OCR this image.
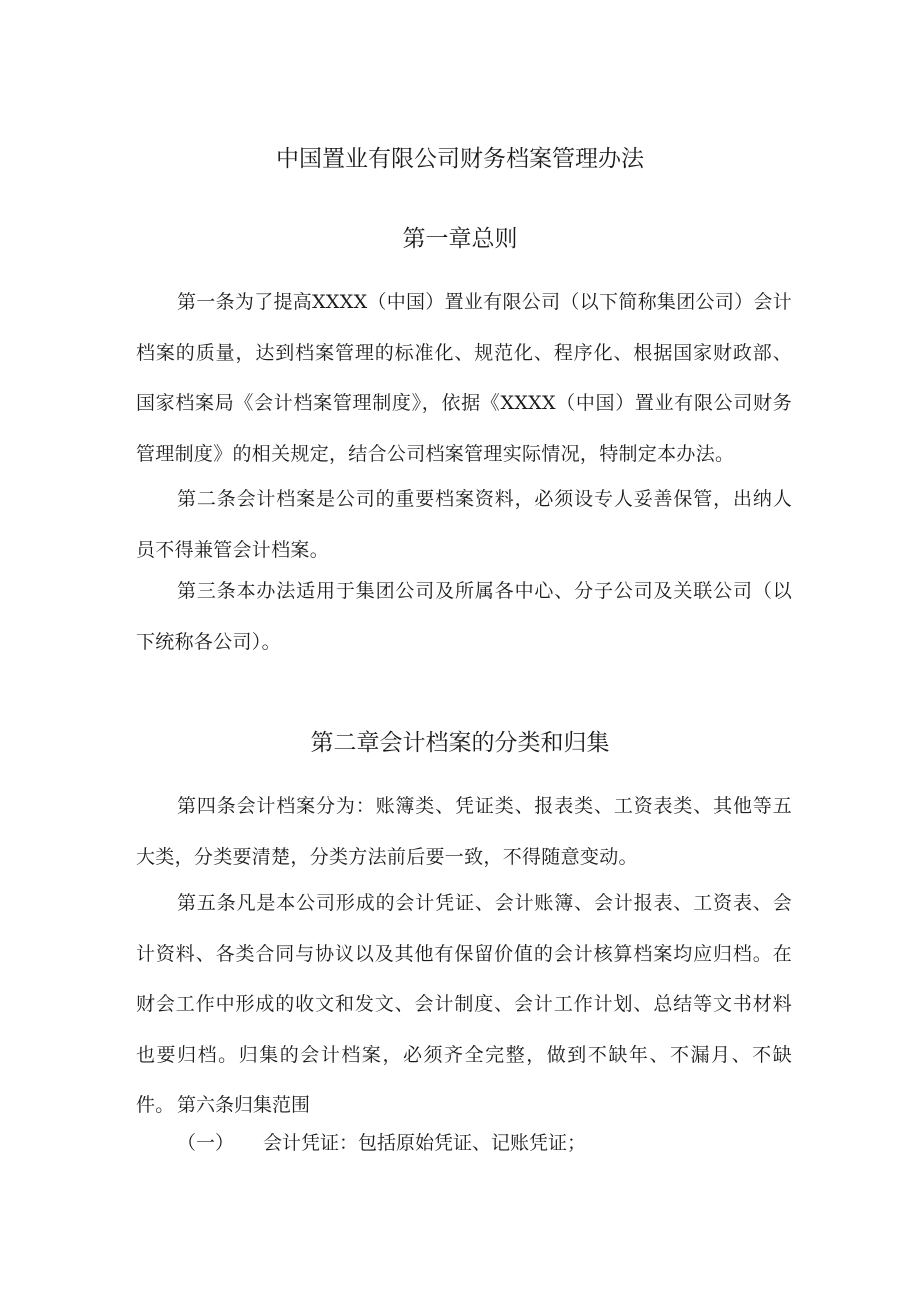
中国置业有限公司财务档案管理办法
第一章总则

第一条为了提高XXXX（中国）置业有限公司（以下简称集团公司）会计档案的质量，达到档案管理的标准化、规范化、程序化、根据国家财政部、国家档案局《会计档案管理制度》，依据《XXXX（中国）置业有限公司财务管理制度》的相关规定，结合公司档案管理实际情况，特制定本办法。

第二条会计档案是公司的重要档案资料，必须设专人妥善保管，出纳人员不得兼管会计档案。

第三条本办法适用于集团公司及所属各中心、分子公司及关联公司（以下统称各公司）。

第二章会计档案的分类和归集

第四条会计档案分为：账簿类、凭证类、报表类、工资表类、其他等五大类，分类要清楚，分类方法前后要一致，不得随意变动。

第五条凡是本公司形成的会计凭证、会计账簿、会计报表、工资表、会计资料、各类合同与协议以及其他有保留价值的会计核算档案均应归档。在财会工作中形成的收文和发文、会计制度、会计工作计划、总结等文书材料也要归档。归集的会计档案，必须齐全完整，做到不缺年、不漏月、不缺件。 第六条归集范围

（一） 会计凭证：包括原始凭证、记账凭证；
